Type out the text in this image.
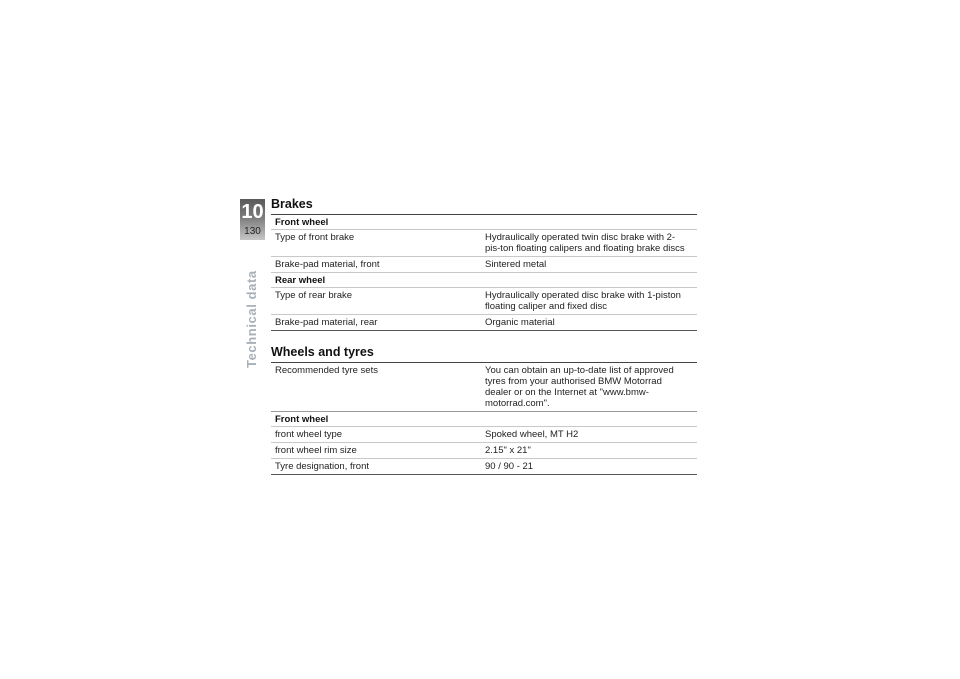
10
130
Technical data
Brakes
Front wheel
Type of front brake	Hydraulically operated twin disc brake with 2-pis-ton floating calipers and floating brake discs
Brake-pad material, front	Sintered metal
Rear wheel
Type of rear brake	Hydraulically operated disc brake with 1-piston floating caliper and fixed disc
Brake-pad material, rear	Organic material
Wheels and tyres
Recommended tyre sets	You can obtain an up-to-date list of approved tyres from your authorised BMW Motorrad dealer or on the Internet at "www.bmw-motorrad.com".
Front wheel
front wheel type	Spoked wheel, MT H2
front wheel rim size	2.15" x 21"
Tyre designation, front	90 / 90 - 21
